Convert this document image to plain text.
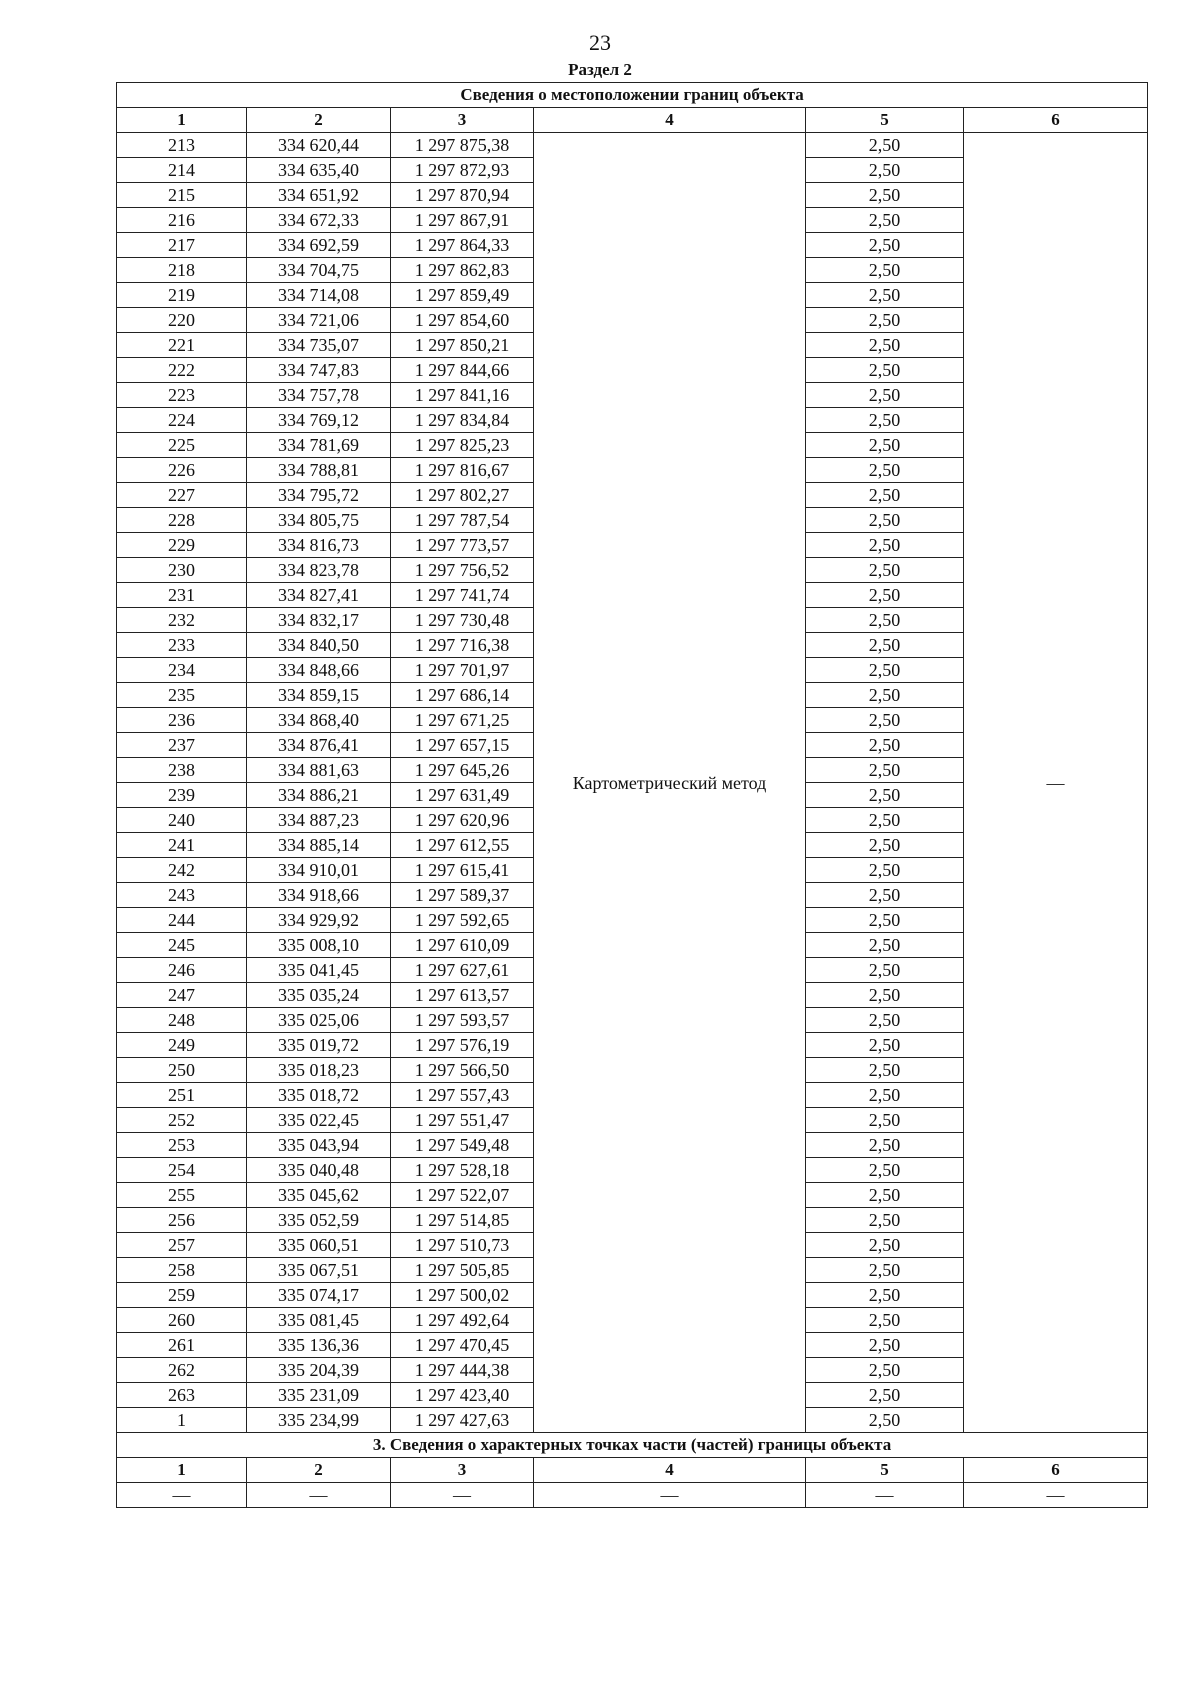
23
Раздел 2
Сведения о местоположении границ объекта					
1	2	3	4	5	6
213	334 620,44	1 297 875,38	Картометрический метод	2,50	—
214	334 635,40	1 297 872,93		2,50	
215	334 651,92	1 297 870,94		2,50	
216	334 672,33	1 297 867,91		2,50	
217	334 692,59	1 297 864,33		2,50	
218	334 704,75	1 297 862,83		2,50	
219	334 714,08	1 297 859,49		2,50	
220	334 721,06	1 297 854,60		2,50	
221	334 735,07	1 297 850,21		2,50	
222	334 747,83	1 297 844,66		2,50	
223	334 757,78	1 297 841,16		2,50	
224	334 769,12	1 297 834,84		2,50	
225	334 781,69	1 297 825,23		2,50	
226	334 788,81	1 297 816,67		2,50	
227	334 795,72	1 297 802,27		2,50	
228	334 805,75	1 297 787,54		2,50	
229	334 816,73	1 297 773,57		2,50	
230	334 823,78	1 297 756,52		2,50	
231	334 827,41	1 297 741,74		2,50	
232	334 832,17	1 297 730,48		2,50	
233	334 840,50	1 297 716,38		2,50	
234	334 848,66	1 297 701,97		2,50	
235	334 859,15	1 297 686,14		2,50	
236	334 868,40	1 297 671,25		2,50	
237	334 876,41	1 297 657,15		2,50	
238	334 881,63	1 297 645,26		2,50	
239	334 886,21	1 297 631,49		2,50	
240	334 887,23	1 297 620,96		2,50	
241	334 885,14	1 297 612,55		2,50	
242	334 910,01	1 297 615,41		2,50	
243	334 918,66	1 297 589,37		2,50	
244	334 929,92	1 297 592,65		2,50	
245	335 008,10	1 297 610,09		2,50	
246	335 041,45	1 297 627,61		2,50	
247	335 035,24	1 297 613,57		2,50	
248	335 025,06	1 297 593,57		2,50	
249	335 019,72	1 297 576,19		2,50	
250	335 018,23	1 297 566,50		2,50	
251	335 018,72	1 297 557,43		2,50	
252	335 022,45	1 297 551,47		2,50	
253	335 043,94	1 297 549,48		2,50	
254	335 040,48	1 297 528,18		2,50	
255	335 045,62	1 297 522,07		2,50	
256	335 052,59	1 297 514,85		2,50	
257	335 060,51	1 297 510,73		2,50	
258	335 067,51	1 297 505,85		2,50	
259	335 074,17	1 297 500,02		2,50	
260	335 081,45	1 297 492,64		2,50	
261	335 136,36	1 297 470,45		2,50	
262	335 204,39	1 297 444,38		2,50	
263	335 231,09	1 297 423,40		2,50	
1	335 234,99	1 297 427,63		2,50	
3. Сведения о характерных точках части (частей) границы объекта					
1	2	3	4	5	6
—	—	—	—	—	—
